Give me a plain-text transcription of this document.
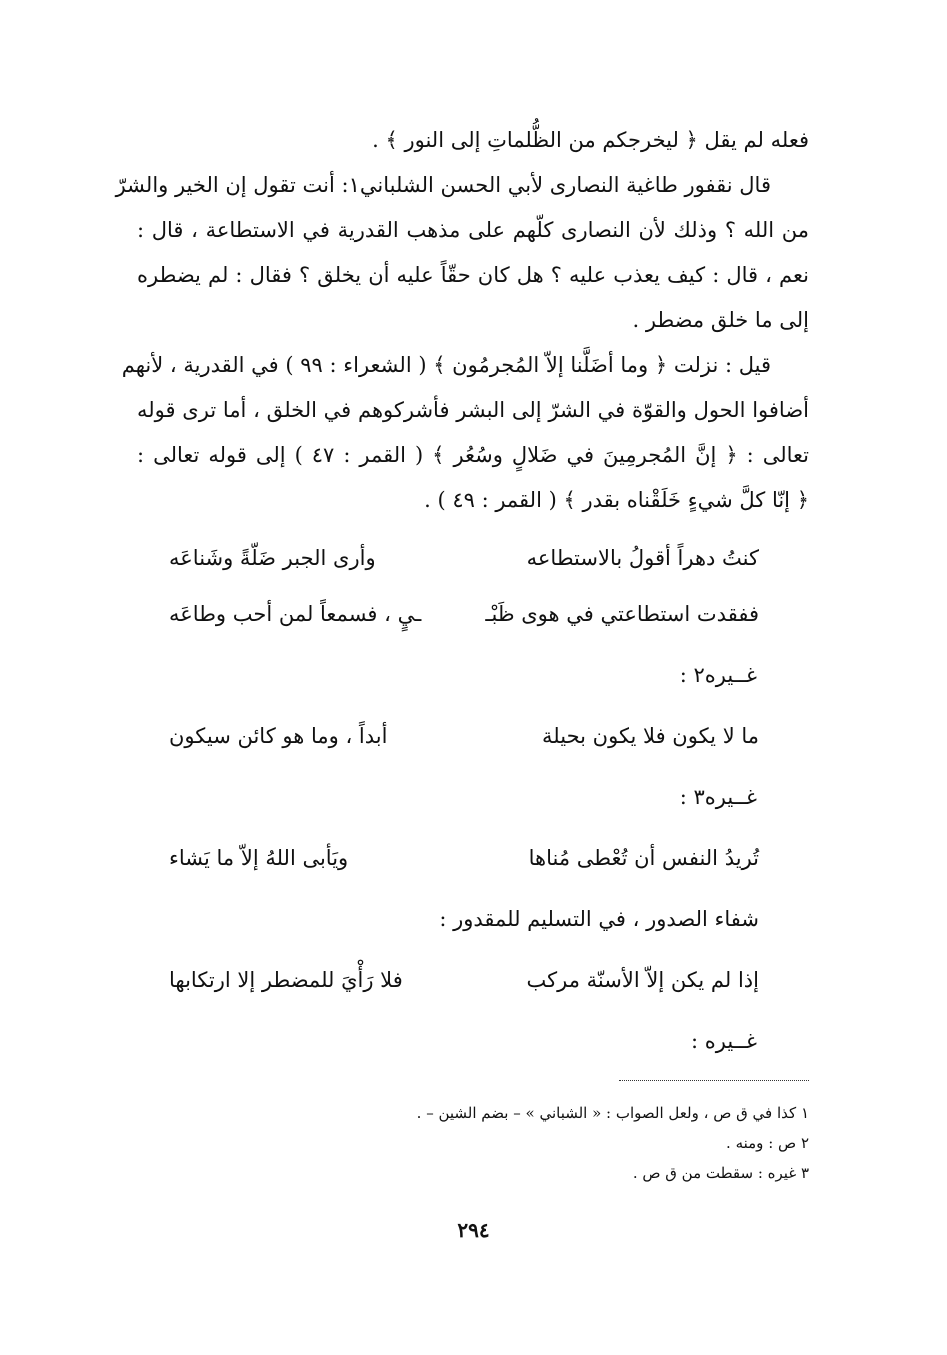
فعله لم يقل ﴿ ليخرجكم من الظُّلماتِ إلى النور ﴾ .
قال نقفور طاغية النصارى لأبي الحسن الشلباني١: أنت تقول إن الخير والشرّ
من الله ؟ وذلك لأن النصارى كلّهم على مذهب القدرية في الاستطاعة ، قال :
نعم ، قال : كيف يعذب عليه ؟ هل كان حقّاً عليه أن يخلق ؟ فقال : لم يضطره
إلى ما خلق مضطر .
قيل : نزلت ﴿ وما أضَلَّنا إلاّ المُجرمُون ﴾ ( الشعراء : ٩٩ ) في القدرية ، لأنهم
أضافوا الحول والقوّة في الشرّ إلى البشر فأشركوهم في الخلق ، أما ترى قوله
تعالى : ﴿ إنَّ المُجرمِينَ في ضَلالٍ وسُعُر ﴾ ( القمر : ٤٧ ) إلى قوله تعالى :
﴿ إنّا كلَّ شيءٍ خَلَقْناه بقدر ﴾ ( القمر : ٤٩ ) .
كنتُ دهراً أقولُ بالاستطاعه
وأرى الجبر ضَلّةً وشَناعَه
ففقدت استطاعتي في هوى ظَبْـ
ـيٍ ، فسمعاً لمن أحب وطاعَه
غــيره٢ :
ما لا يكون فلا يكون بحيلة
أبداً ، وما هو كائن سيكون
غــيره٣ :
تُريدُ النفس أن تُعْطى مُناها
ويَأبى اللهُ إلاّ ما يَشاء
شفاء الصدور ، في التسليم للمقدور :
إذا لم يكن إلاّ الأسنّة مركب
فلا رَأْيَ للمضطر إلا ارتكابها
غــيره :
١ كذا في ق ص ، ولعل الصواب : « الشباني » – بضم الشين – .
٢ ص : ومنه .
٣ غيره : سقطت من ق ص .
٢٩٤
